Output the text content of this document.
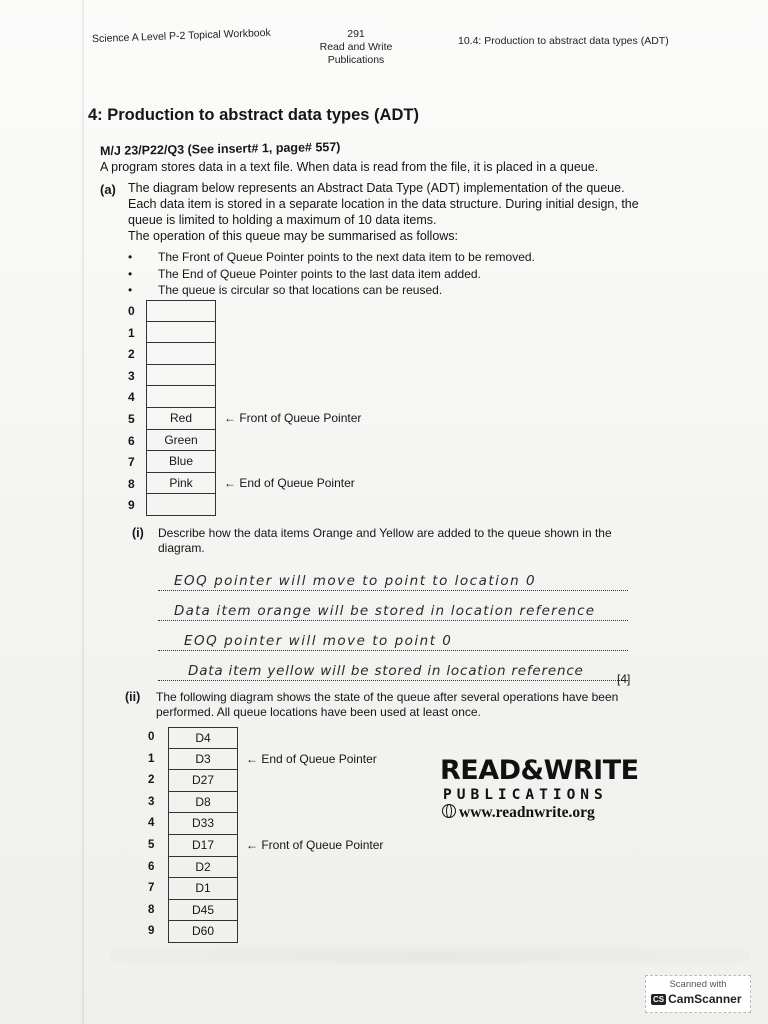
Science A Level P-2 Topical Workbook	291
Read and Write Publications
10.4: Production to abstract data types (ADT)
4: Production to abstract data types (ADT)
M/J 23/P22/Q3 (See insert# 1, page# 557)
A program stores data in a text file. When data is read from the file, it is placed in a queue.
(a) The diagram below represents an Abstract Data Type (ADT) implementation of the queue. Each data item is stored in a separate location in the data structure. During initial design, the queue is limited to holding a maximum of 10 data items.
The operation of this queue may be summarised as follows:
• The Front of Queue Pointer points to the next data item to be removed.
• The End of Queue Pointer points to the last data item added.
• The queue is circular so that locations can be reused.
0
1
2
3
4
5	Red	← Front of Queue Pointer
6	Green
7	Blue
8	Pink	← End of Queue Pointer
9
(i) Describe how the data items Orange and Yellow are added to the queue shown in the diagram.
EOQ pointer will move to point to location 0
Data item orange will be stored in location reference
EOQ pointer will move to point 0
Data item yellow will be stored in location reference	[4]
(ii) The following diagram shows the state of the queue after several operations have been performed. All queue locations have been used at least once.
0	D4
1	D3	← End of Queue Pointer
2	D27
3	D8
4	D33
5	D17	← Front of Queue Pointer
6	D2
7	D1
8	D45
9	D60
READ&WRITE
PUBLICATIONS
www.readnwrite.org
Scanned with
CS CamScanner
